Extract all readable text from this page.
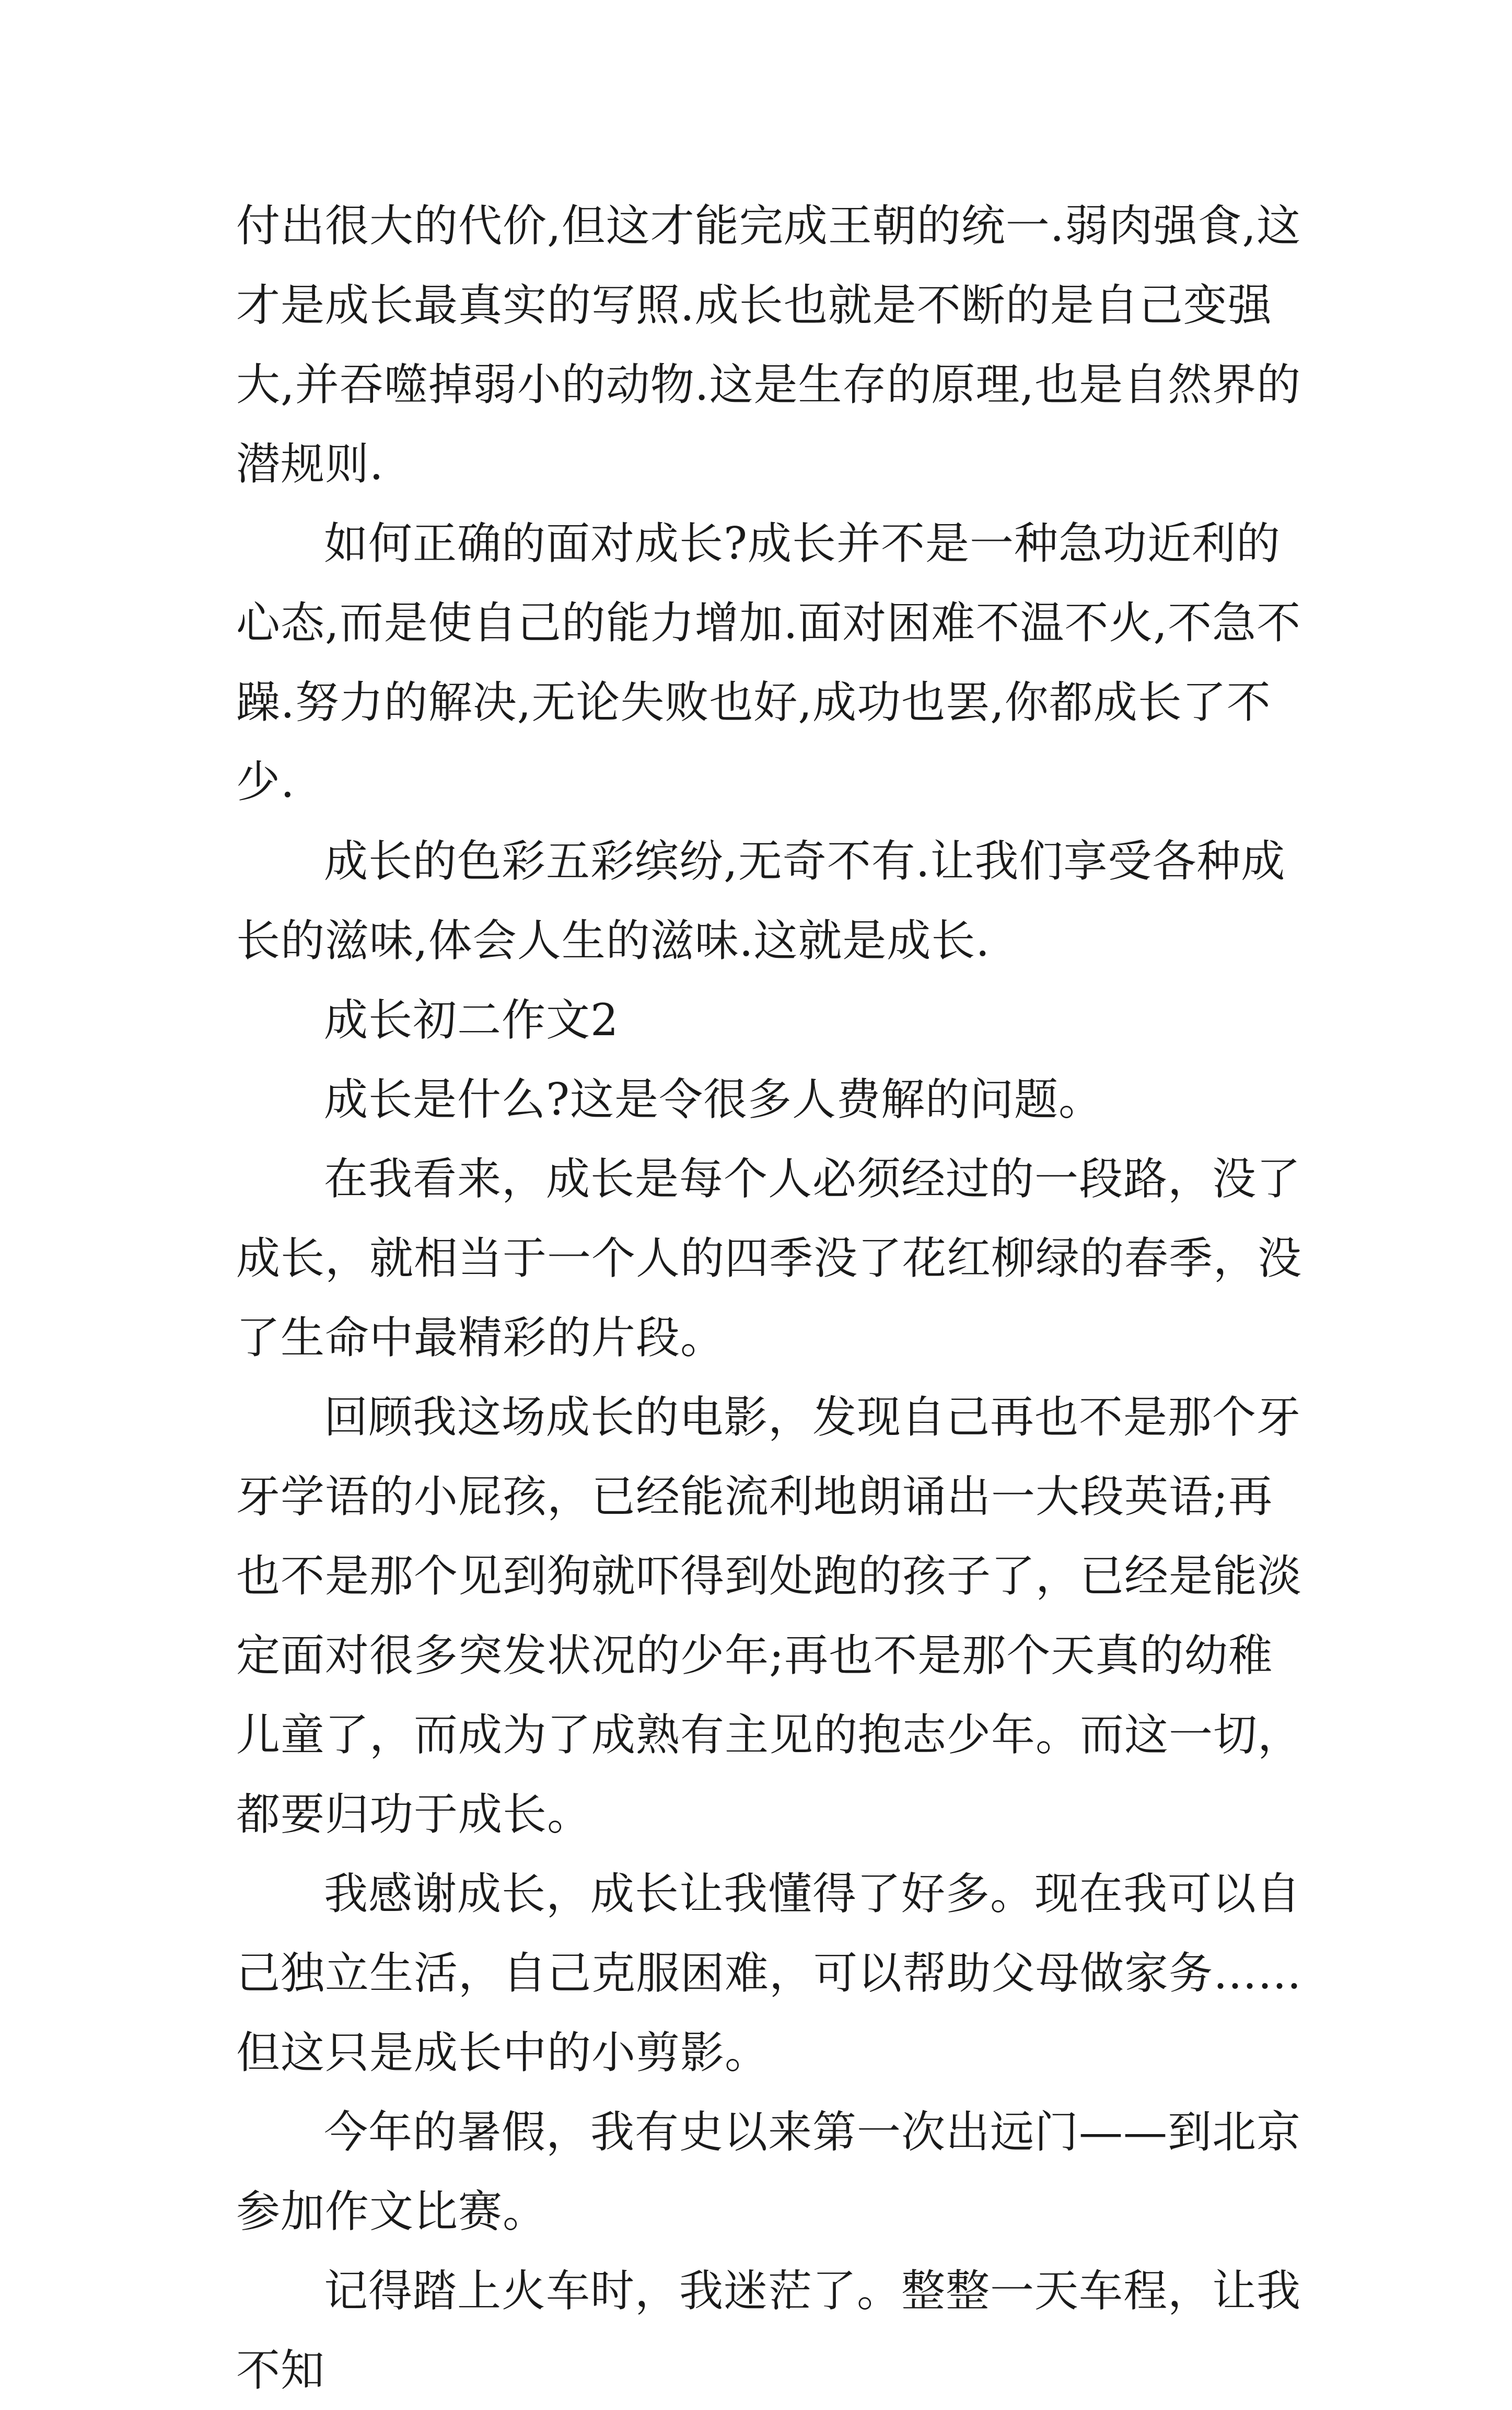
付出很大的代价,但这才能完成王朝的统一.弱肉强食,这才是成长最真实的写照.成长也就是不断的是自己变强大,并吞噬掉弱小的动物.这是生存的原理,也是自然界的潜规则.

如何正确的面对成长?成长并不是一种急功近利的心态,而是使自己的能力增加.面对困难不温不火,不急不躁.努力的解决,无论失败也好,成功也罢,你都成长了不少.

成长的色彩五彩缤纷,无奇不有.让我们享受各种成长的滋味,体会人生的滋味.这就是成长.

成长初二作文2

成长是什么?这是令很多人费解的问题。

在我看来，成长是每个人必须经过的一段路，没了成长，就相当于一个人的四季没了花红柳绿的春季，没了生命中最精彩的片段。

回顾我这场成长的电影，发现自己再也不是那个牙牙学语的小屁孩，已经能流利地朗诵出一大段英语;再也不是那个见到狗就吓得到处跑的孩子了，已经是能淡定面对很多突发状况的少年;再也不是那个天真的幼稚儿童了，而成为了成熟有主见的抱志少年。而这一切，都要归功于成长。

我感谢成长，成长让我懂得了好多。现在我可以自己独立生活，自己克服困难，可以帮助父母做家务……但这只是成长中的小剪影。

今年的暑假，我有史以来第一次出远门——到北京参加作文比赛。

记得踏上火车时，我迷茫了。整整一天车程，让我不知
